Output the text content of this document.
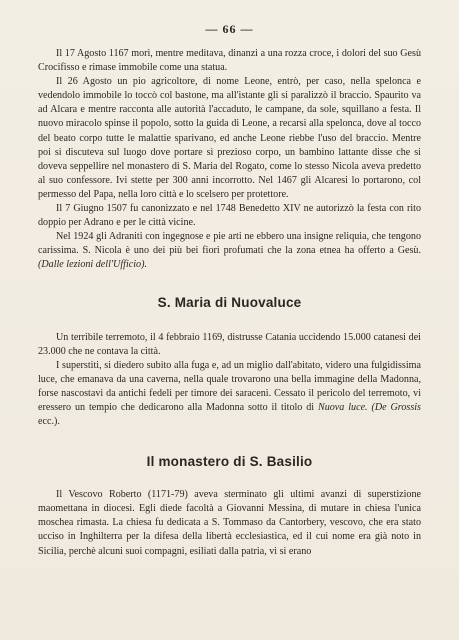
— 66 —

Il 17 Agosto 1167 morì, mentre meditava, dinanzi a una rozza croce, i dolori del suo Gesù Crocifisso e rimase immobile come una statua.

Il 26 Agosto un pio agricoltore, di nome Leone, entrò, per caso, nella spelonca e vedendolo immobile lo toccò col bastone, ma all'istante gli si paralizzò il braccio. Spaurito va ad Alcara e mentre racconta alle autorità l'accaduto, le campane, da sole, squillano a festa. Il nuovo miracolo spinse il popolo, sotto la guida di Leone, a recarsi alla spelonca, dove al tocco del beato corpo tutte le malattie sparivano, ed anche Leone riebbe l'uso del braccio. Mentre poi si discuteva sul luogo dove portare sì prezioso corpo, un bambino lattante disse che si doveva seppellire nel monastero di S. Maria del Rogato, come lo stesso Nicola aveva predetto al suo confessore. Ivi stette per 300 anni incorrotto. Nel 1467 gli Alcaresi lo portarono, col permesso del Papa, nella loro città e lo scelsero per protettore.

Il 7 Giugno 1507 fu canonizzato e nel 1748 Benedetto XIV ne autorizzò la festa con rito doppio per Adrano e per le città vicine.

Nel 1924 gli Adraniti con ingegnose e pie arti ne ebbero una insigne reliquia, che tengono carissima. S. Nicola è uno dei più bei fiori profumati che la zona etnea ha offerto a Gesù. (Dalle lezioni dell'Ufficio).

S. Maria di Nuovaluce

Un terribile terremoto, il 4 febbraio 1169, distrusse Catania uccidendo 15.000 catanesi dei 23.000 che ne contava la città.

I superstiti, si diedero subito alla fuga e, ad un miglio dall'abitato, videro una fulgidissima luce, che emanava da una caverna, nella quale trovarono una bella immagine della Madonna, forse nascostavi da antichi fedeli per timore dei saraceni. Cessato il pericolo del terremoto, vi eressero un tempio che dedicarono alla Madonna sotto il titolo di Nuova luce. (De Grossis ecc.).

Il monastero di S. Basilio

Il Vescovo Roberto (1171-79) aveva sterminato gli ultimi avanzi di superstizione maomettana in diocesi. Egli diede facoltà a Giovanni Messina, di mutare in chiesa l'unica moschea rimasta. La chiesa fu dedicata a S. Tommaso da Cantorbery, vescovo, che era stato ucciso in Inghilterra per la difesa della libertà ecclesiastica, ed il cui nome era già noto in Sicilia, perchè alcuni suoi compagni, esiliati dalla patria, vi si erano
